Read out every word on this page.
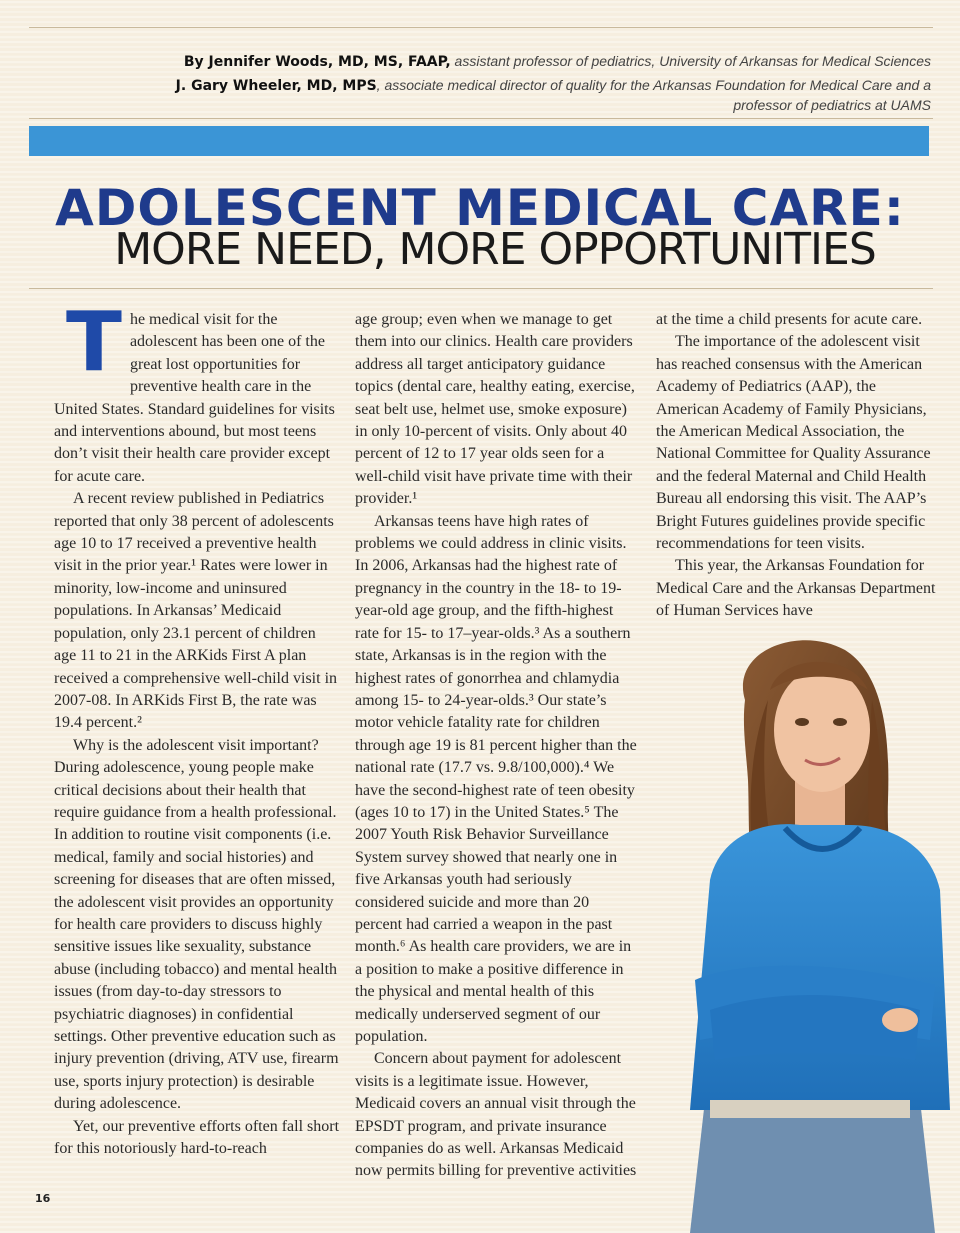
By Jennifer Woods, MD, MS, FAAP, assistant professor of pediatrics, University of Arkansas for Medical Sciences
J. Gary Wheeler, MD, MPS, associate medical director of quality for the Arkansas Foundation for Medical Care and a
professor of pediatrics at UAMS
ADOLESCENT MEDICAL CARE:
MORE NEED, MORE OPPORTUNITIES

The medical visit for the adolescent has been one of the great lost opportunities for preventive health care in the United States. Standard guidelines for visits and interventions abound, but most teens don’t visit their health care provider except for acute care.

A recent review published in Pediatrics reported that only 38 percent of adolescents age 10 to 17 received a preventive health visit in the prior year.¹ Rates were lower in minority, low-income and uninsured populations. In Arkansas’ Medicaid population, only 23.1 percent of children age 11 to 21 in the ARKids First A plan received a comprehensive well-child visit in 2007-08. In ARKids First B, the rate was 19.4 percent.²

Why is the adolescent visit important? During adolescence, young people make critical decisions about their health that require guidance from a health professional. In addition to routine visit components (i.e. medical, family and social histories) and screening for diseases that are often missed, the adolescent visit provides an opportunity for health care providers to discuss highly sensitive issues like sexuality, substance abuse (including tobacco) and mental health issues (from day-to-day stressors to psychiatric diagnoses) in confidential settings. Other preventive education such as injury prevention (driving, ATV use, firearm use, sports injury protection) is desirable during adolescence.

Yet, our preventive efforts often fall short for this notoriously hard-to-reach

age group; even when we manage to get them into our clinics. Health care providers address all target anticipatory guidance topics (dental care, healthy eating, exercise, seat belt use, helmet use, smoke exposure) in only 10-percent of visits. Only about 40 percent of 12 to 17 year olds seen for a well-child visit have private time with their provider.¹

Arkansas teens have high rates of problems we could address in clinic visits. In 2006, Arkansas had the highest rate of pregnancy in the country in the 18- to 19-year-old age group, and the fifth-highest rate for 15- to 17–year-olds.³ As a southern state, Arkansas is in the region with the highest rates of gonorrhea and chlamydia among 15- to 24-year-olds.³ Our state’s motor vehicle fatality rate for children through age 19 is 81 percent higher than the national rate (17.7 vs. 9.8/100,000).⁴ We have the second-highest rate of teen obesity (ages 10 to 17) in the United States.⁵ The 2007 Youth Risk Behavior Surveillance System survey showed that nearly one in five Arkansas youth had seriously considered suicide and more than 20 percent had carried a weapon in the past month.⁶ As health care providers, we are in a position to make a positive difference in the physical and mental health of this medically underserved segment of our population.

Concern about payment for adolescent visits is a legitimate issue. However, Medicaid covers an annual visit through the EPSDT program, and private insurance companies do as well. Arkansas Medicaid now permits billing for preventive activities

at the time a child presents for acute care.

The importance of the adolescent visit has reached consensus with the American Academy of Pediatrics (AAP), the American Academy of Family Physicians, the American Medical Association, the National Committee for Quality Assurance and the federal Maternal and Child Health Bureau all endorsing this visit. The AAP’s Bright Futures guidelines provide specific recommendations for teen visits.

This year, the Arkansas Foundation for Medical Care and the Arkansas Department of Human Services have

16
